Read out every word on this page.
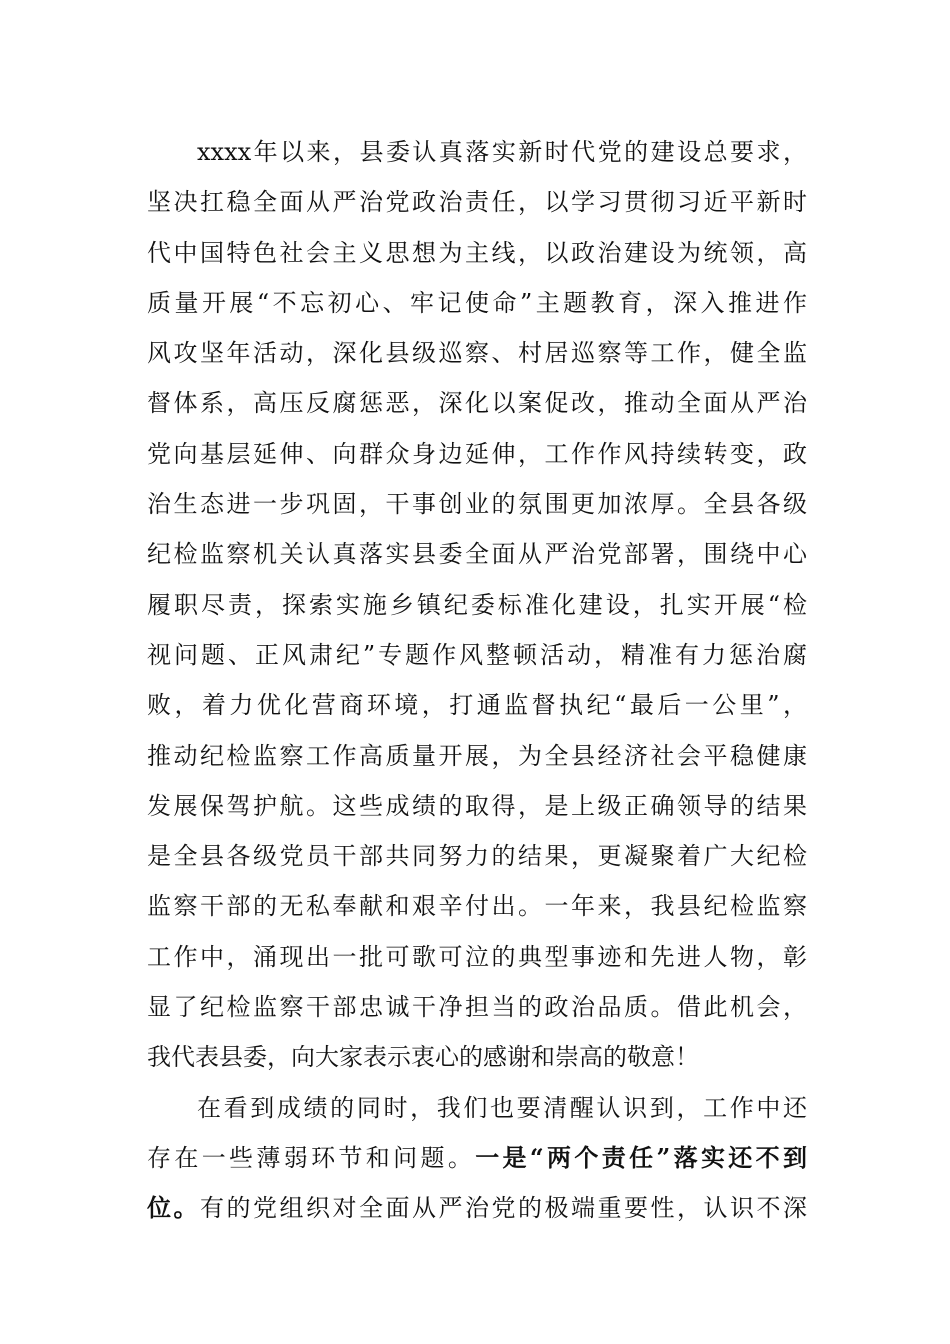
xxxx年以来，县委认真落实新时代党的建设总要求，
坚决扛稳全面从严治党政治责任，以学习贯彻习近平新时
代中国特色社会主义思想为主线，以政治建设为统领，高
质量开展“不忘初心、牢记使命”主题教育，深入推进作
风攻坚年活动，深化县级巡察、村居巡察等工作，健全监
督体系，高压反腐惩恶，深化以案促改，推动全面从严治
党向基层延伸、向群众身边延伸，工作作风持续转变，政
治生态进一步巩固，干事创业的氛围更加浓厚。全县各级
纪检监察机关认真落实县委全面从严治党部署，围绕中心
履职尽责，探索实施乡镇纪委标准化建设，扎实开展“检
视问题、正风肃纪”专题作风整顿活动，精准有力惩治腐
败，着力优化营商环境，打通监督执纪“最后一公里”，
推动纪检监察工作高质量开展，为全县经济社会平稳健康
发展保驾护航。这些成绩的取得，是上级正确领导的结果
是全县各级党员干部共同努力的结果，更凝聚着广大纪检
监察干部的无私奉献和艰辛付出。一年来，我县纪检监察
工作中，涌现出一批可歌可泣的典型事迹和先进人物，彰
显了纪检监察干部忠诚干净担当的政治品质。借此机会，
我代表县委，向大家表示衷心的感谢和崇高的敬意！
在看到成绩的同时，我们也要清醒认识到，工作中还
存在一些薄弱环节和问题。一是“两个责任”落实还不到
位。有的党组织对全面从严治党的极端重要性，认识不深
